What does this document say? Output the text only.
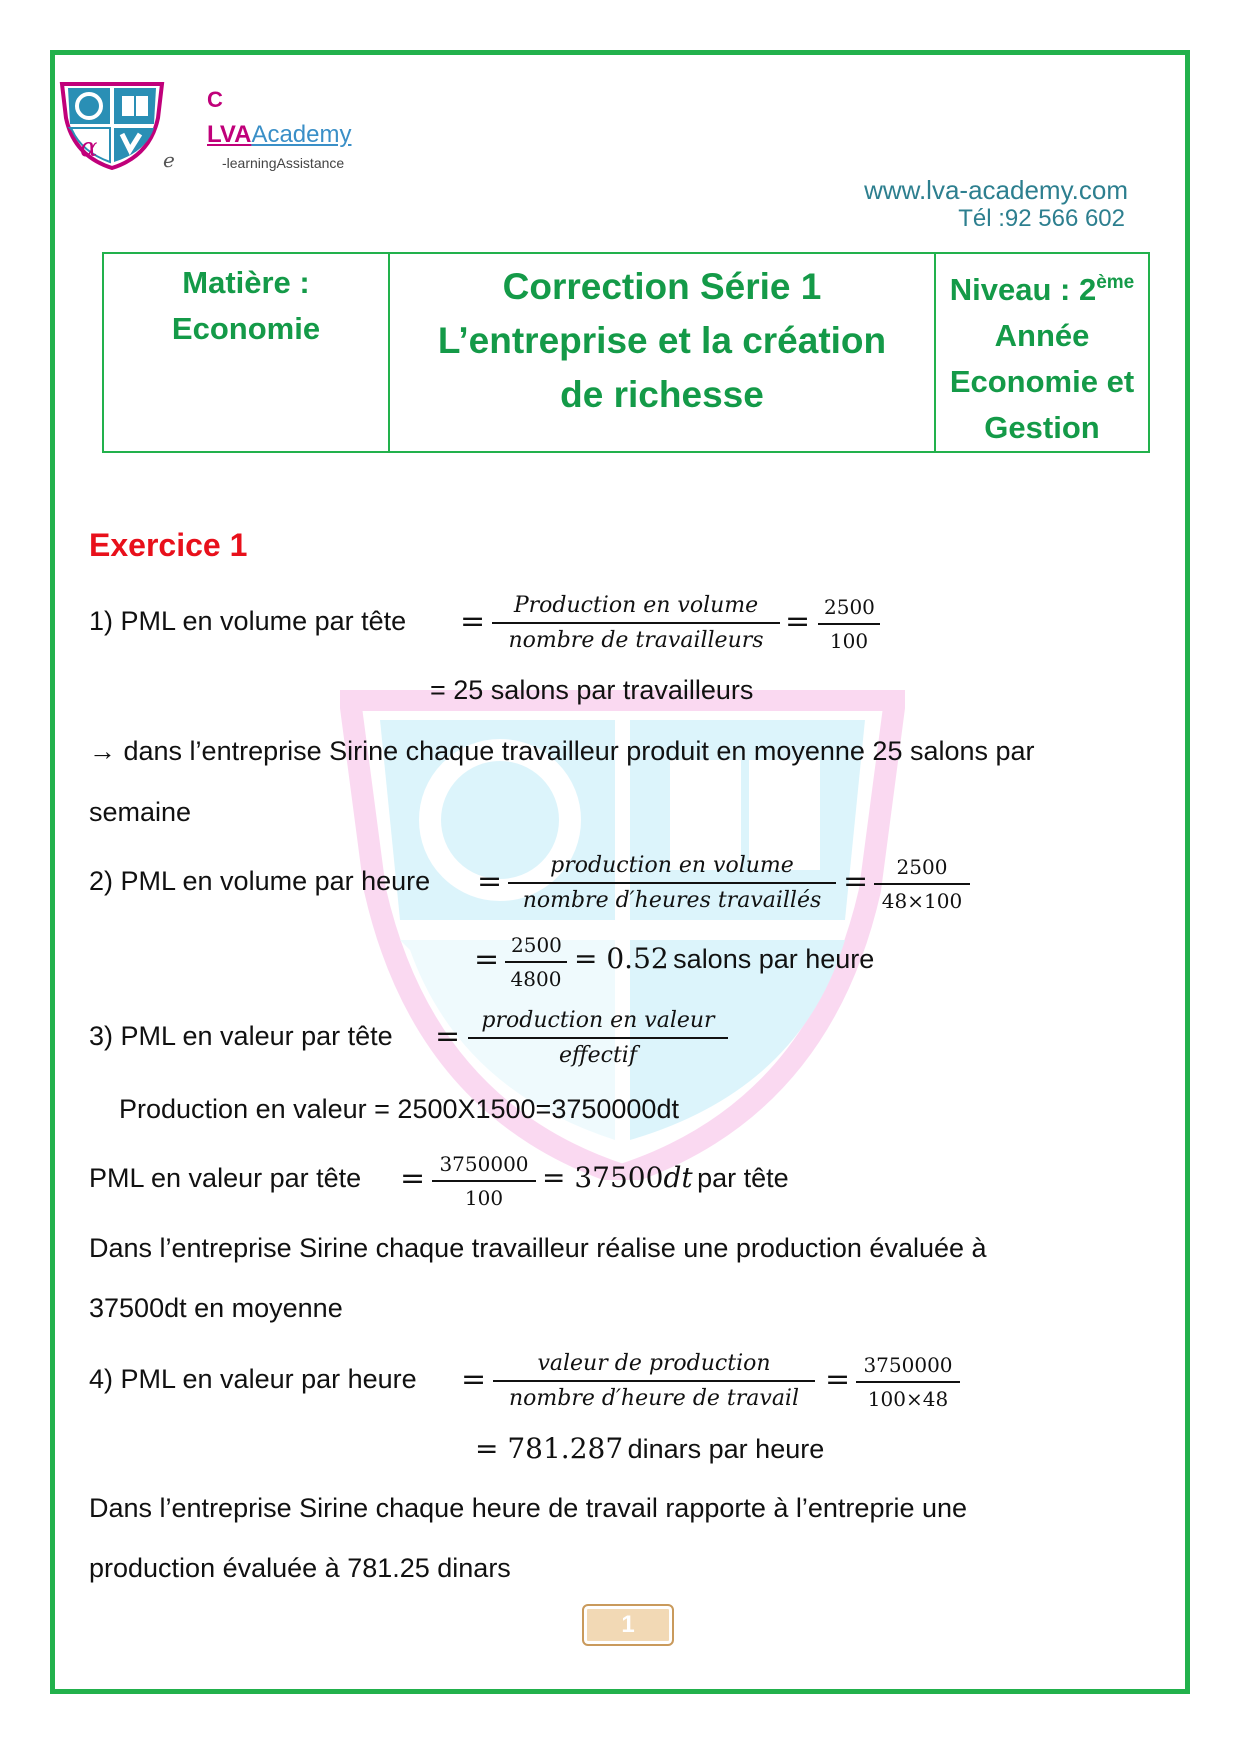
α
C
LVAAcademy
e	-learningAssistance
www.lva-academy.com
Tél :92 566 602
Matière :
Economie

Correction Série 1
L’entreprise et la création
de richesse

Niveau : 2ème
Année
Economie et
Gestion
Exercice 1
1) PML en volume par tête =	Production en volume
nombre de travailleurs
= $\frac{2500}{100}$
= 25 salons par travailleurs
→ dans l’entreprise Sirine chaque travailleur produit en moyenne 25 salons par
semaine
2) PML en volume par heure =	production en volume
nombre d′heures travaillés
= $\frac{2500}{48\times 100}$
= $\frac{2500}{4800} = 0.52$ salons par heure
3) PML en valeur par tête = production en valeur
effectif
Production en valeur = 2500X1500=3750000dt
PML en valeur par tête = $\frac{3750000}{100} = 37500dt$ par tête
Dans l’entreprise Sirine chaque travailleur réalise une production évaluée à
37500dt en moyenne
4) PML en valeur par heure =	valeur de production
nombre d′heure de travail
= $\frac{3750000}{100\times 48}$
= 781.287 dinars par heure
Dans l’entreprise Sirine chaque heure de travail rapporte à l’entreprie une
production évaluée à 781.25 dinars
1
